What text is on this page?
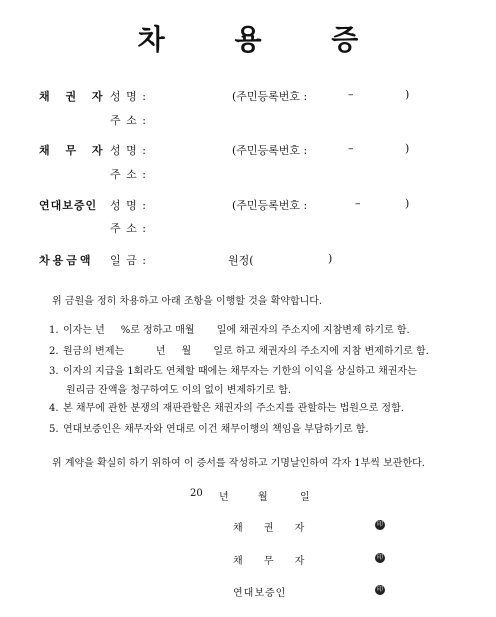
차 용 증
채 권 자 성 명 :	(주민등록번호 :	–	)
주 소 :
채 무 자 성 명 :	(주민등록번호 :	–	)
주 소 :
연대보증인 성 명 :	(주민등록번호 :	–	)
주 소 :
차용금액 일 금 :	원정(	)
위 금원을 정히 차용하고 아래 조항을 이행할 것을 확약합니다.
1. 이자는 년     %로 정하고 매월       일에 채권자의 주소지에 지참변제 하기로 함.
2. 원금의 변제는          년     월       일로 하고 채권자의 주소지에 지참 변제하기로 함.
3. 이자의 지급을 1회라도 연체할 때에는 채무자는 기한의 이익을 상실하고 채권자는
원리금 잔액을 청구하여도 이의 없이 변제하기로 함.
4. 본 채무에 관한 분쟁의 재판관할은 채권자의 주소지를 관할하는 법원으로 정함.
5. 연대보증인은 채무자와 연대로 이건 채무이행의 책임을 부담하기로 함.
위 계약을 확실히 하기 위하여 이 증서를 작성하고 기명날인하여 각자 1부씩 보관한다.
20 년	월	일
채 권 자	印
채 무 자	印
연대보증인	印
